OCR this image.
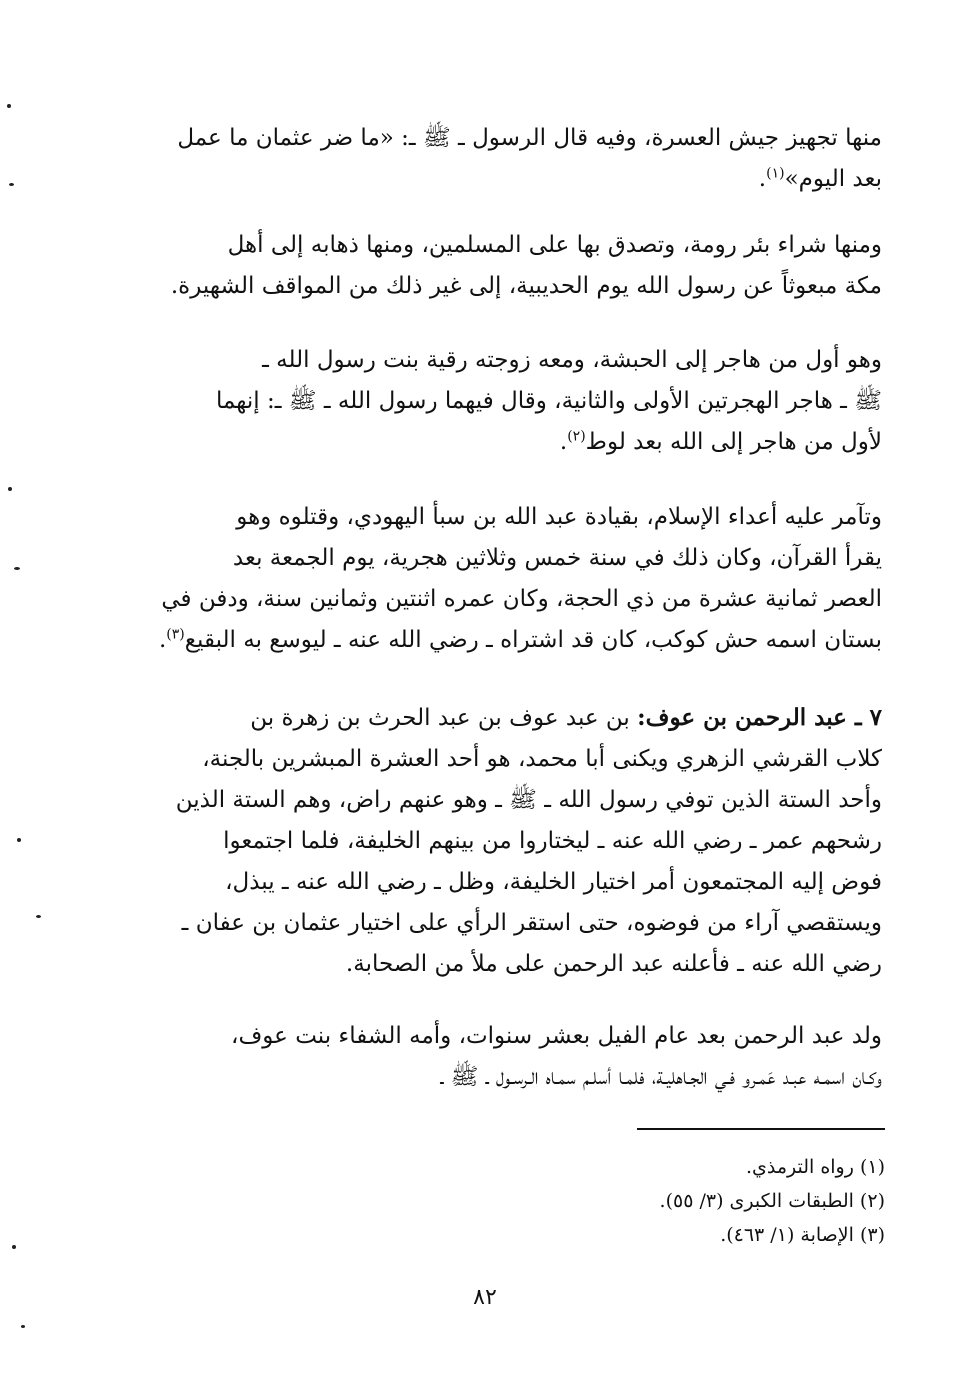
منها تجهيز جيش العسرة، وفيه قال الرسول ـ ﷺ ـ: «ما ضر عثمان ما عمل
بعد اليوم»$^{(١)}$.

ومنها شراء بئر رومة، وتصدق بها على المسلمين، ومنها ذهابه إلى أهل
مكة مبعوثاً عن رسول الله يوم الحديبية، إلى غير ذلك من المواقف الشهيرة.

وهو أول من هاجر إلى الحبشة، ومعه زوجته رقية بنت رسول الله ـ
ﷺ ـ هاجر الهجرتين الأولى والثانية، وقال فيهما رسول الله ـ ﷺ ـ: إنهما
لأول من هاجر إلى الله بعد لوط$^{(٢)}$.

وتآمر عليه أعداء الإسلام، بقيادة عبد الله بن سبأ اليهودي، وقتلوه وهو
يقرأ القرآن، وكان ذلك في سنة خمس وثلاثين هجرية، يوم الجمعة بعد
العصر ثمانية عشرة من ذي الحجة، وكان عمره اثنتين وثمانين سنة، ودفن في
بستان اسمه حش كوكب، كان قد اشتراه ـ رضي الله عنه ـ ليوسع به البقيع$^{(٣)}$.

٧ ـ عبد الرحمن بن عوف: بن عبد عوف بن عبد الحرث بن زهرة بن
كلاب القرشي الزهري ويكنى أبا محمد، هو أحد العشرة المبشرين بالجنة،
وأحد الستة الذين توفي رسول الله ـ ﷺ ـ وهو عنهم راض، وهم الستة الذين
رشحهم عمر ـ رضي الله عنه ـ ليختاروا من بينهم الخليفة، فلما اجتمعوا
فوض إليه المجتمعون أمر اختيار الخليفة، وظل ـ رضي الله عنه ـ يبذل،
ويستقصي آراء من فوضوه، حتى استقر الرأي على اختيار عثمان بن عفان ـ
رضي الله عنه ـ فأعلنه عبد الرحمن على ملأ من الصحابة.

ولد عبد الرحمن بعد عام الفيل بعشر سنوات، وأمه الشفاء بنت عوف،
وكـان اسمـه عبـد عَمـرو فـي الجـاهليـة، فلمـا أسلـم سمـاه الـرسـول ـ ﷺ ـ

(١) رواه الترمذي.
(٢) الطبقات الكبرى (٣/ ٥٥).
(٣) الإصابة (١/ ٤٦٣).
٨٢
